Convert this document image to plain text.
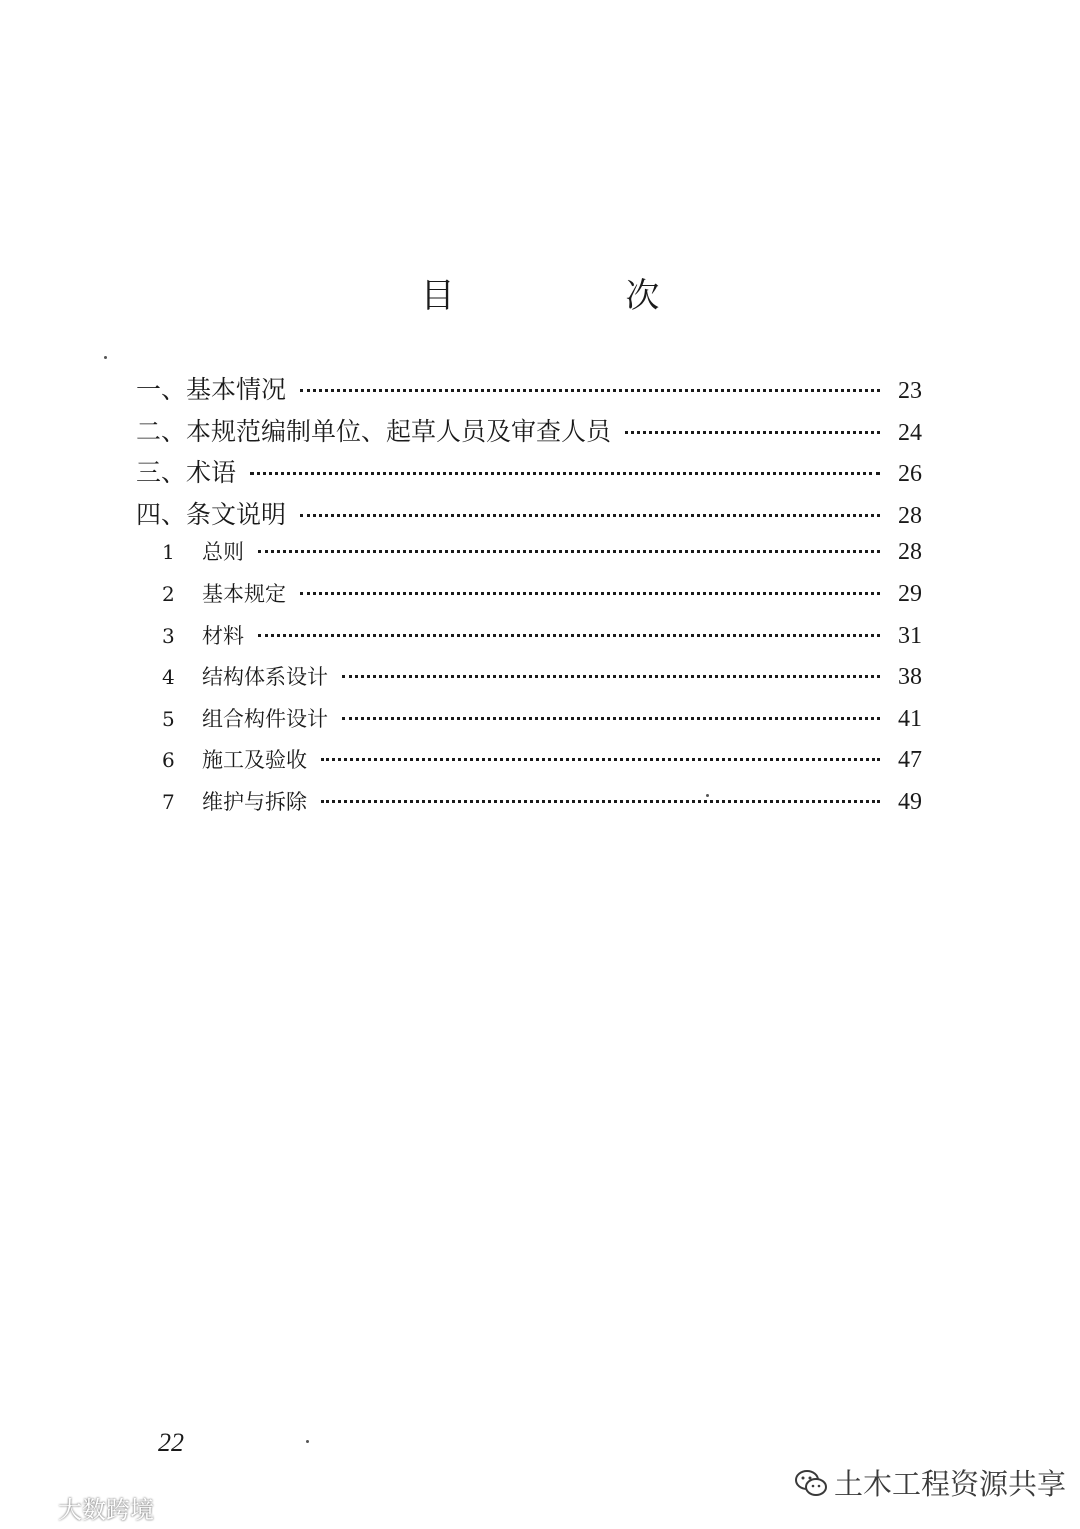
目 次
一、基本情况	23
二、本规范编制单位、起草人员及审查人员	24
三、术语	26
四、条文说明	28
1	总则	28
2	基本规定	29
3	材料	31
4	结构体系设计	38
5	组合构件设计	41
6	施工及验收	47
7	维护与拆除	49
22
大数跨境
土木工程资源共享
